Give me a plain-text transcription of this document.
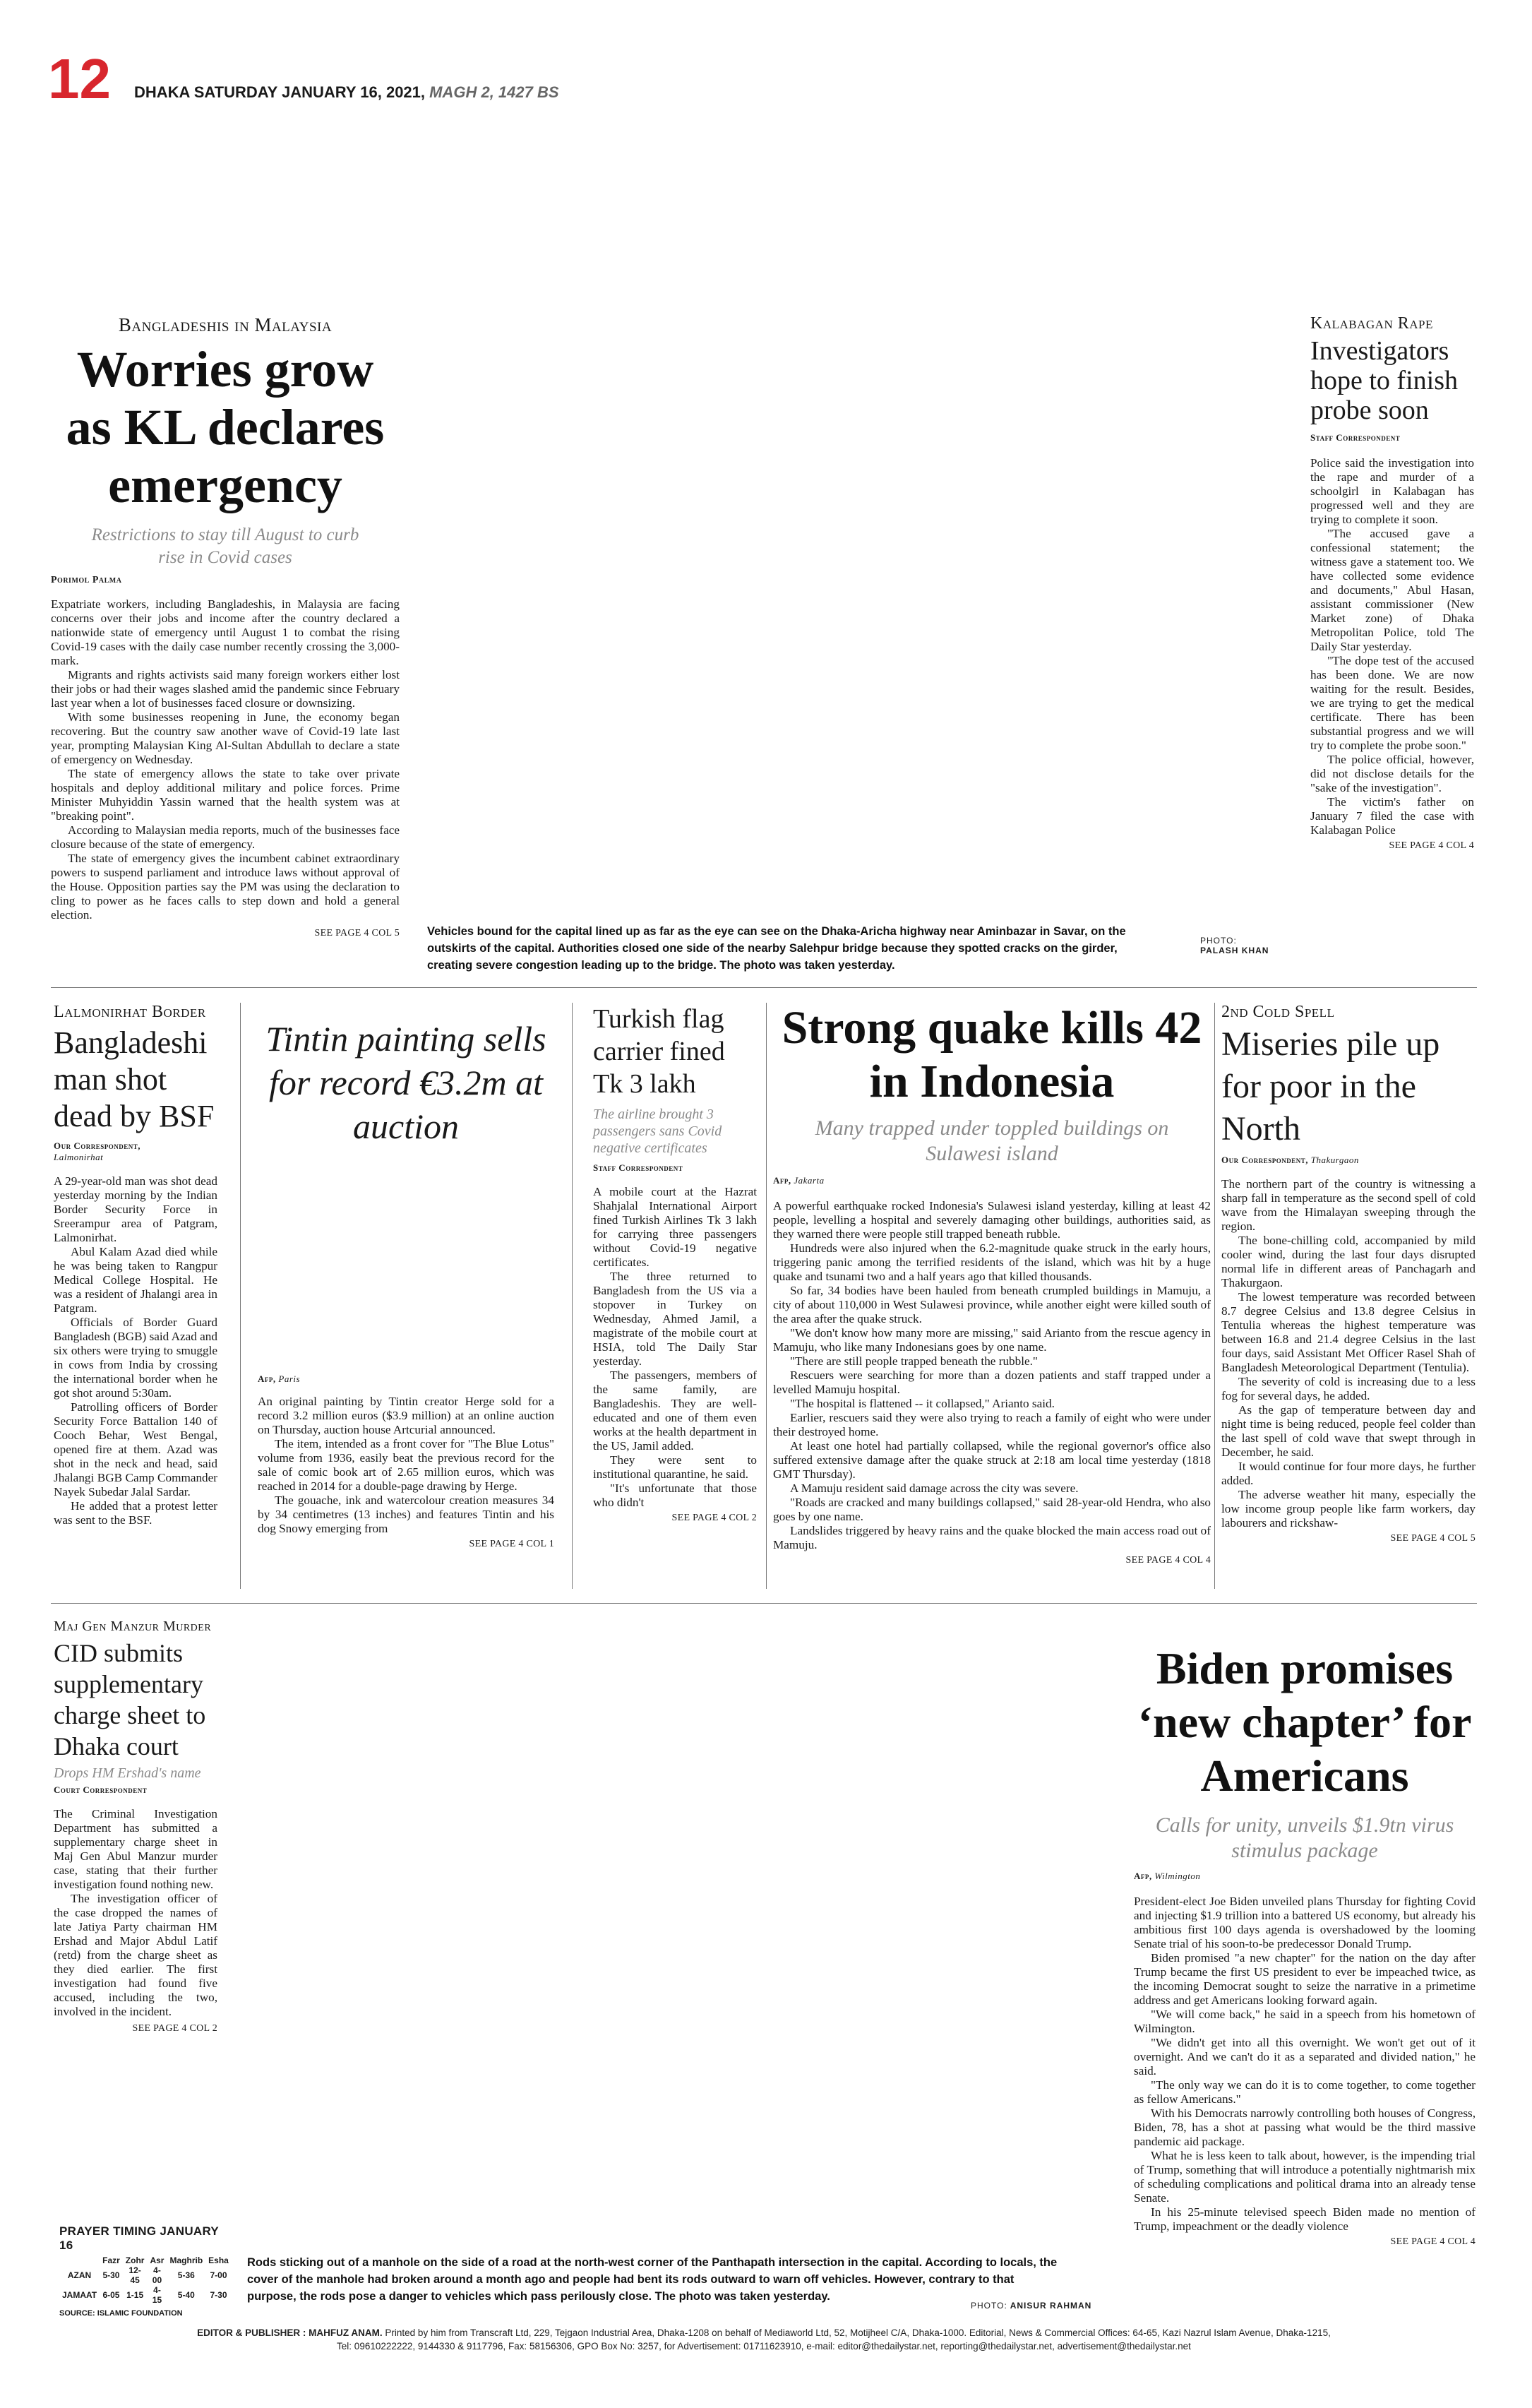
12 DHAKA SATURDAY JANUARY 16, 2021, MAGH 2, 1427 BS
Bangladeshis in Malaysia
Worries grow as KL declares emergency
Restrictions to stay till August to curb rise in Covid cases
Porimol Palma

Expatriate workers, including Bangladeshis, in Malaysia are facing concerns over their jobs and income after the country declared a nationwide state of emergency until August 1 to combat the rising Covid-19 cases with the daily case number recently crossing the 3,000-mark.

Migrants and rights activists said many foreign workers either lost their jobs or had their wages slashed amid the pandemic since February last year when a lot of businesses faced closure or downsizing.

With some businesses reopening in June, the economy began recovering. But the country saw another wave of Covid-19 late last year, prompting Malaysian King Al-Sultan Abdullah to declare a state of emergency on Wednesday.

The state of emergency allows the state to take over private hospitals and deploy additional military and police forces. Prime Minister Muhyiddin Yassin warned that the health system was at "breaking point".

According to Malaysian media reports, much of the businesses face closure because of the state of emergency.

The state of emergency gives the incumbent cabinet extraordinary powers to suspend parliament and introduce laws without approval of the House. Opposition parties say the PM was using the declaration to cling to power as he faces calls to step down and hold a general election.

SEE PAGE 4 COL 5 Vehicles bound for the capital lined up as far as the eye can see on the Dhaka-Aricha highway near Aminbazar in Savar, on the outskirts of the capital. Authorities closed one side of the nearby Salehpur bridge because they spotted cracks on the girder, creating severe congestion leading up to the bridge. The photo was taken yesterday.
PHOTO:
PALASH KHAN
Kalabagan Rape
Investigators hope to finish probe soon
Staff Correspondent

Police said the investigation into the rape and murder of a schoolgirl in Kalabagan has progressed well and they are trying to complete it soon.

"The accused gave a confessional statement; the witness gave a statement too. We have collected some evidence and documents," Abul Hasan, assistant commissioner (New Market zone) of Dhaka Metropolitan Police, told The Daily Star yesterday.

"The dope test of the accused has been done. We are now waiting for the result. Besides, we are trying to get the medical certificate. There has been substantial progress and we will try to complete the probe soon."

The police official, however, did not disclose details for the "sake of the investigation".

The victim's father on January 7 filed the case with Kalabagan Police

SEE PAGE 4 COL 4
Lalmonirhat Border
Bangladeshi man shot dead by BSF
Our Correspondent,
Lalmonirhat

A 29-year-old man was shot dead yesterday morning by the Indian Border Security Force in Sreerampur area of Patgram, Lalmonirhat.

Abul Kalam Azad died while he was being taken to Rangpur Medical College Hospital. He was a resident of Jhalangi area in Patgram.

Officials of Border Guard Bangladesh (BGB) said Azad and six others were trying to smuggle in cows from India by crossing the international border when he got shot around 5:30am.

Patrolling officers of Border Security Force Battalion 140 of Cooch Behar, West Bengal, opened fire at them. Azad was shot in the neck and head, said Jhalangi BGB Camp Commander Nayek Subedar Jalal Sardar.

He added that a protest letter was sent to the BSF.

Tintin painting sells for record €3.2m at auction
Afp, Paris

An original painting by Tintin creator Herge sold for a record 3.2 million euros ($3.9 million) at an online auction on Thursday, auction house Artcurial announced.

The item, intended as a front cover for "The Blue Lotus" volume from 1936, easily beat the previous record for the sale of comic book art of 2.65 million euros, which was reached in 2014 for a double-page drawing by Herge.

The gouache, ink and watercolour creation measures 34 by 34 centimetres (13 inches) and features Tintin and his dog Snowy emerging from

SEE PAGE 4 COL 1
Turkish flag carrier fined Tk 3 lakh
The airline brought 3 passengers sans Covid negative certificates
Staff Correspondent

A mobile court at the Hazrat Shahjalal International Airport fined Turkish Airlines Tk 3 lakh for carrying three passengers without Covid-19 negative certificates.

The three returned to Bangladesh from the US via a stopover in Turkey on Wednesday, Ahmed Jamil, a magistrate of the mobile court at HSIA, told The Daily Star yesterday.

The passengers, members of the same family, are Bangladeshis. They are well-educated and one of them even works at the health department in the US, Jamil added.

They were sent to institutional quarantine, he said.

"It's unfortunate that those who didn't

SEE PAGE 4 COL 2
Strong quake kills 42 in Indonesia
Many trapped under toppled buildings on Sulawesi island
Afp, Jakarta

A powerful earthquake rocked Indonesia's Sulawesi island yesterday, killing at least 42 people, levelling a hospital and severely damaging other buildings, authorities said, as they warned there were people still trapped beneath rubble.

Hundreds were also injured when the 6.2-magnitude quake struck in the early hours, triggering panic among the terrified residents of the island, which was hit by a huge quake and tsunami two and a half years ago that killed thousands.

So far, 34 bodies have been hauled from beneath crumpled buildings in Mamuju, a city of about 110,000 in West Sulawesi province, while another eight were killed south of the area after the quake struck.

"We don't know how many more are missing," said Arianto from the rescue agency in Mamuju, who like many Indonesians goes by one name.

"There are still people trapped beneath the rubble."

Rescuers were searching for more than a dozen patients and staff trapped under a levelled Mamuju hospital.

"The hospital is flattened -- it collapsed," Arianto said.

Earlier, rescuers said they were also trying to reach a family of eight who were under their destroyed home.

At least one hotel had partially collapsed, while the regional governor's office also suffered extensive damage after the quake struck at 2:18 am local time yesterday (1818 GMT Thursday).

A Mamuju resident said damage across the city was severe.

"Roads are cracked and many buildings collapsed," said 28-year-old Hendra, who also goes by one name.

Landslides triggered by heavy rains and the quake blocked the main access road out of Mamuju.

SEE PAGE 4 COL 4
2nd Cold Spell
Miseries pile up for poor in the North
Our Correspondent, Thakurgaon

The northern part of the country is witnessing a sharp fall in temperature as the second spell of cold wave from the Himalayan sweeping through the region.

The bone-chilling cold, accompanied by mild cooler wind, during the last four days disrupted normal life in different areas of Panchagarh and Thakurgaon.

The lowest temperature was recorded between 8.7 degree Celsius and 13.8 degree Celsius in Tentulia whereas the highest temperature was between 16.8 and 21.4 degree Celsius in the last four days, said Assistant Met Officer Rasel Shah of Bangladesh Meteorological Department (Tentulia).

The severity of cold is increasing due to a less fog for several days, he added.

As the gap of temperature between day and night time is being reduced, people feel colder than the last spell of cold wave that swept through in December, he said.

It would continue for four more days, he further added.

The adverse weather hit many, especially the low income group people like farm workers, day labourers and rickshaw-

SEE PAGE 4 COL 5
Maj Gen Manzur Murder
CID submits supplementary charge sheet to Dhaka court
Drops HM Ershad's name
Court Correspondent

The Criminal Investigation Department has submitted a supplementary charge sheet in Maj Gen Abul Manzur murder case, stating that their further investigation found nothing new.

The investigation officer of the case dropped the names of late Jatiya Party chairman HM Ershad and Major Abdul Latif (retd) from the charge sheet as they died earlier. The first investigation had found five accused, including the two, involved in the incident.

SEE PAGE 4 COL 2
Biden promises ‘new chapter’ for Americans
Calls for unity, unveils $1.9tn virus stimulus package
Afp, Wilmington

President-elect Joe Biden unveiled plans Thursday for fighting Covid and injecting $1.9 trillion into a battered US economy, but already his ambitious first 100 days agenda is overshadowed by the looming Senate trial of his soon-to-be predecessor Donald Trump.

Biden promised "a new chapter" for the nation on the day after Trump became the first US president to ever be impeached twice, as the incoming Democrat sought to seize the narrative in a primetime address and get Americans looking forward again.

"We will come back," he said in a speech from his hometown of Wilmington.

"We didn't get into all this overnight. We won't get out of it overnight. And we can't do it as a separated and divided nation," he said.

"The only way we can do it is to come together, to come together as fellow Americans."

With his Democrats narrowly controlling both houses of Congress, Biden, 78, has a shot at passing what would be the third massive pandemic aid package.

What he is less keen to talk about, however, is the impending trial of Trump, something that will introduce a potentially nightmarish mix of scheduling complications and political drama into an already tense Senate.

In his 25-minute televised speech Biden made no mention of Trump, impeachment or the deadly violence

SEE PAGE 4 COL 4
PRAYER TIMING JANUARY 16
	Fazr	Zohr	Asr	Maghrib	Esha
AZAN	5-30	12-45	4-00	5-36	7-00
JAMAAT	6-05	1-15	4-15	5-40	7-30
SOURCE: ISLAMIC FOUNDATION
Rods sticking out of a manhole on the side of a road at the north-west corner of the Panthapath intersection in the capital. According to locals, the cover of the manhole had broken around a month ago and people had bent its rods outward to warn off vehicles. However, contrary to that purpose, the rods pose a danger to vehicles which pass perilously close. The photo was taken yesterday.
PHOTO: ANISUR RAHMAN
EDITOR & PUBLISHER : MAHFUZ ANAM. Printed by him from Transcraft Ltd, 229, Tejgaon Industrial Area, Dhaka-1208 on behalf of Mediaworld Ltd, 52, Motijheel C/A, Dhaka-1000. Editorial, News & Commercial Offices: 64-65, Kazi Nazrul Islam Avenue, Dhaka-1215,
Tel: 09610222222, 9144330 & 9117796, Fax: 58156306, GPO Box No: 3257, for Advertisement: 01711623910, e-mail: editor@thedailystar.net, reporting@thedailystar.net, advertisement@thedailystar.net
